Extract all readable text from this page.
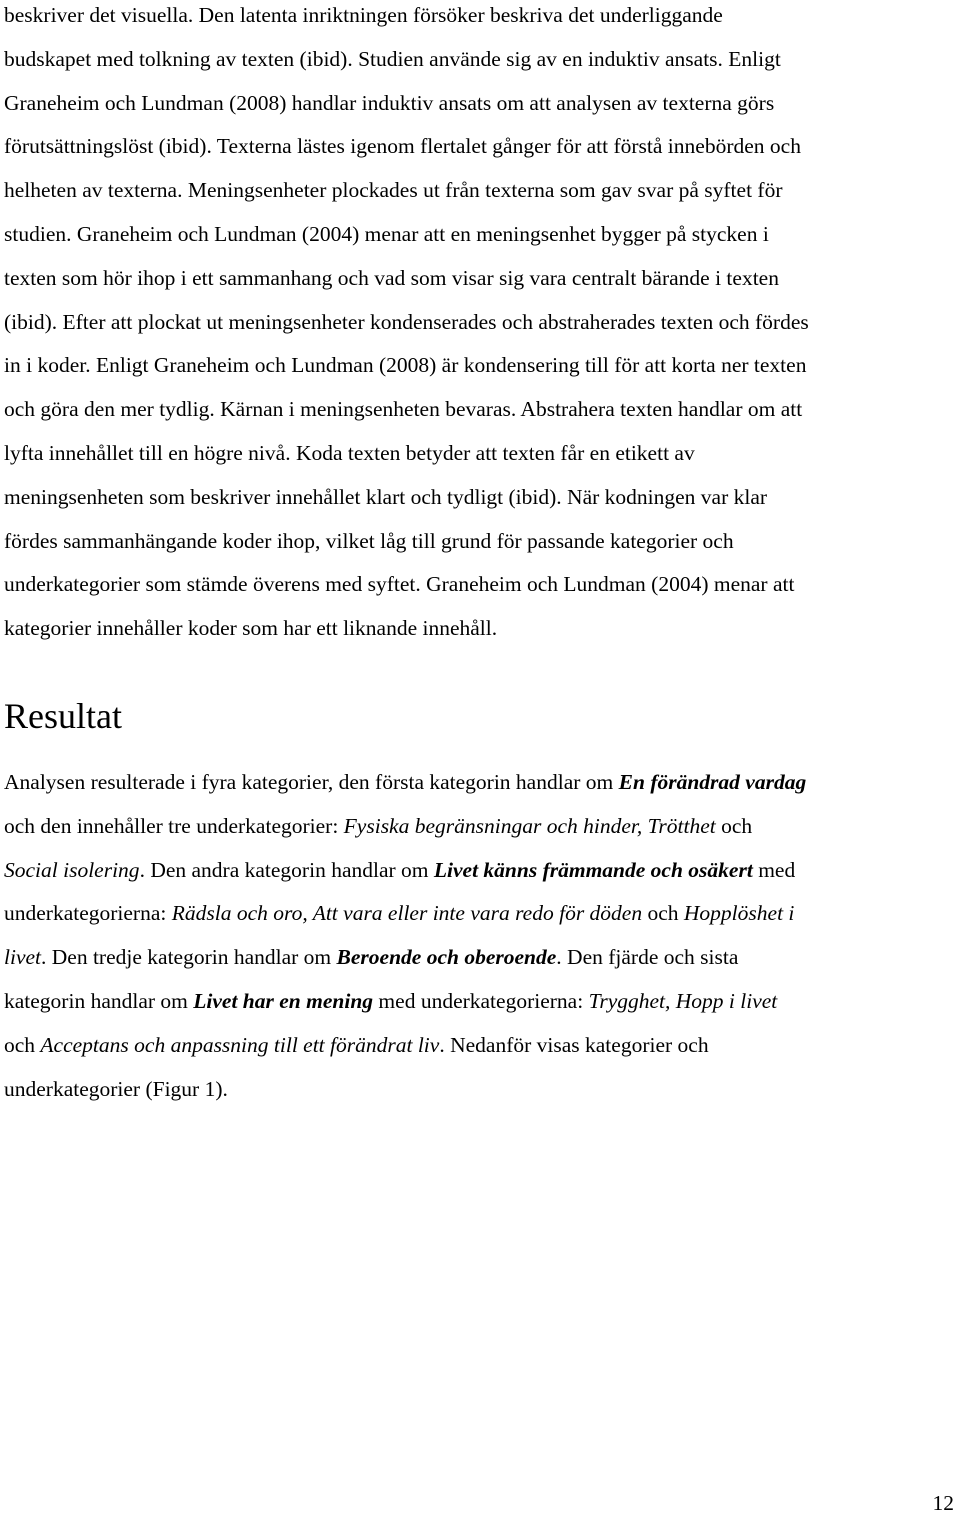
beskriver det visuella. Den latenta inriktningen försöker beskriva det underliggande
budskapet med tolkning av texten (ibid). Studien använde sig av en induktiv ansats. Enligt
Graneheim och Lundman (2008) handlar induktiv ansats om att analysen av texterna görs
förutsättningslöst (ibid). Texterna lästes igenom flertalet gånger för att förstå innebörden och
helheten av texterna. Meningsenheter plockades ut från texterna som gav svar på syftet för
studien. Graneheim och Lundman (2004) menar att en meningsenhet bygger på stycken i
texten som hör ihop i ett sammanhang och vad som visar sig vara centralt bärande i texten
(ibid). Efter att plockat ut meningsenheter kondenserades och abstraherades texten och fördes
in i koder. Enligt Graneheim och Lundman (2008) är kondensering till för att korta ner texten
och göra den mer tydlig. Kärnan i meningsenheten bevaras. Abstrahera texten handlar om att
lyfta innehållet till en högre nivå. Koda texten betyder att texten får en etikett av
meningsenheten som beskriver innehållet klart och tydligt (ibid). När kodningen var klar
fördes sammanhängande koder ihop, vilket låg till grund för passande kategorier och
underkategorier som stämde överens med syftet. Graneheim och Lundman (2004) menar att
kategorier innehåller koder som har ett liknande innehåll.

Resultat

Analysen resulterade i fyra kategorier, den första kategorin handlar om En förändrad vardag
och den innehåller tre underkategorier: Fysiska begränsningar och hinder, Trötthet och
Social isolering. Den andra kategorin handlar om Livet känns främmande och osäkert med
underkategorierna: Rädsla och oro, Att vara eller inte vara redo för döden och Hopplöshet i
livet. Den tredje kategorin handlar om Beroende och oberoende. Den fjärde och sista
kategorin handlar om Livet har en mening med underkategorierna: Trygghet, Hopp i livet
och Acceptans och anpassning till ett förändrat liv. Nedanför visas kategorier och
underkategorier (Figur 1).

12
